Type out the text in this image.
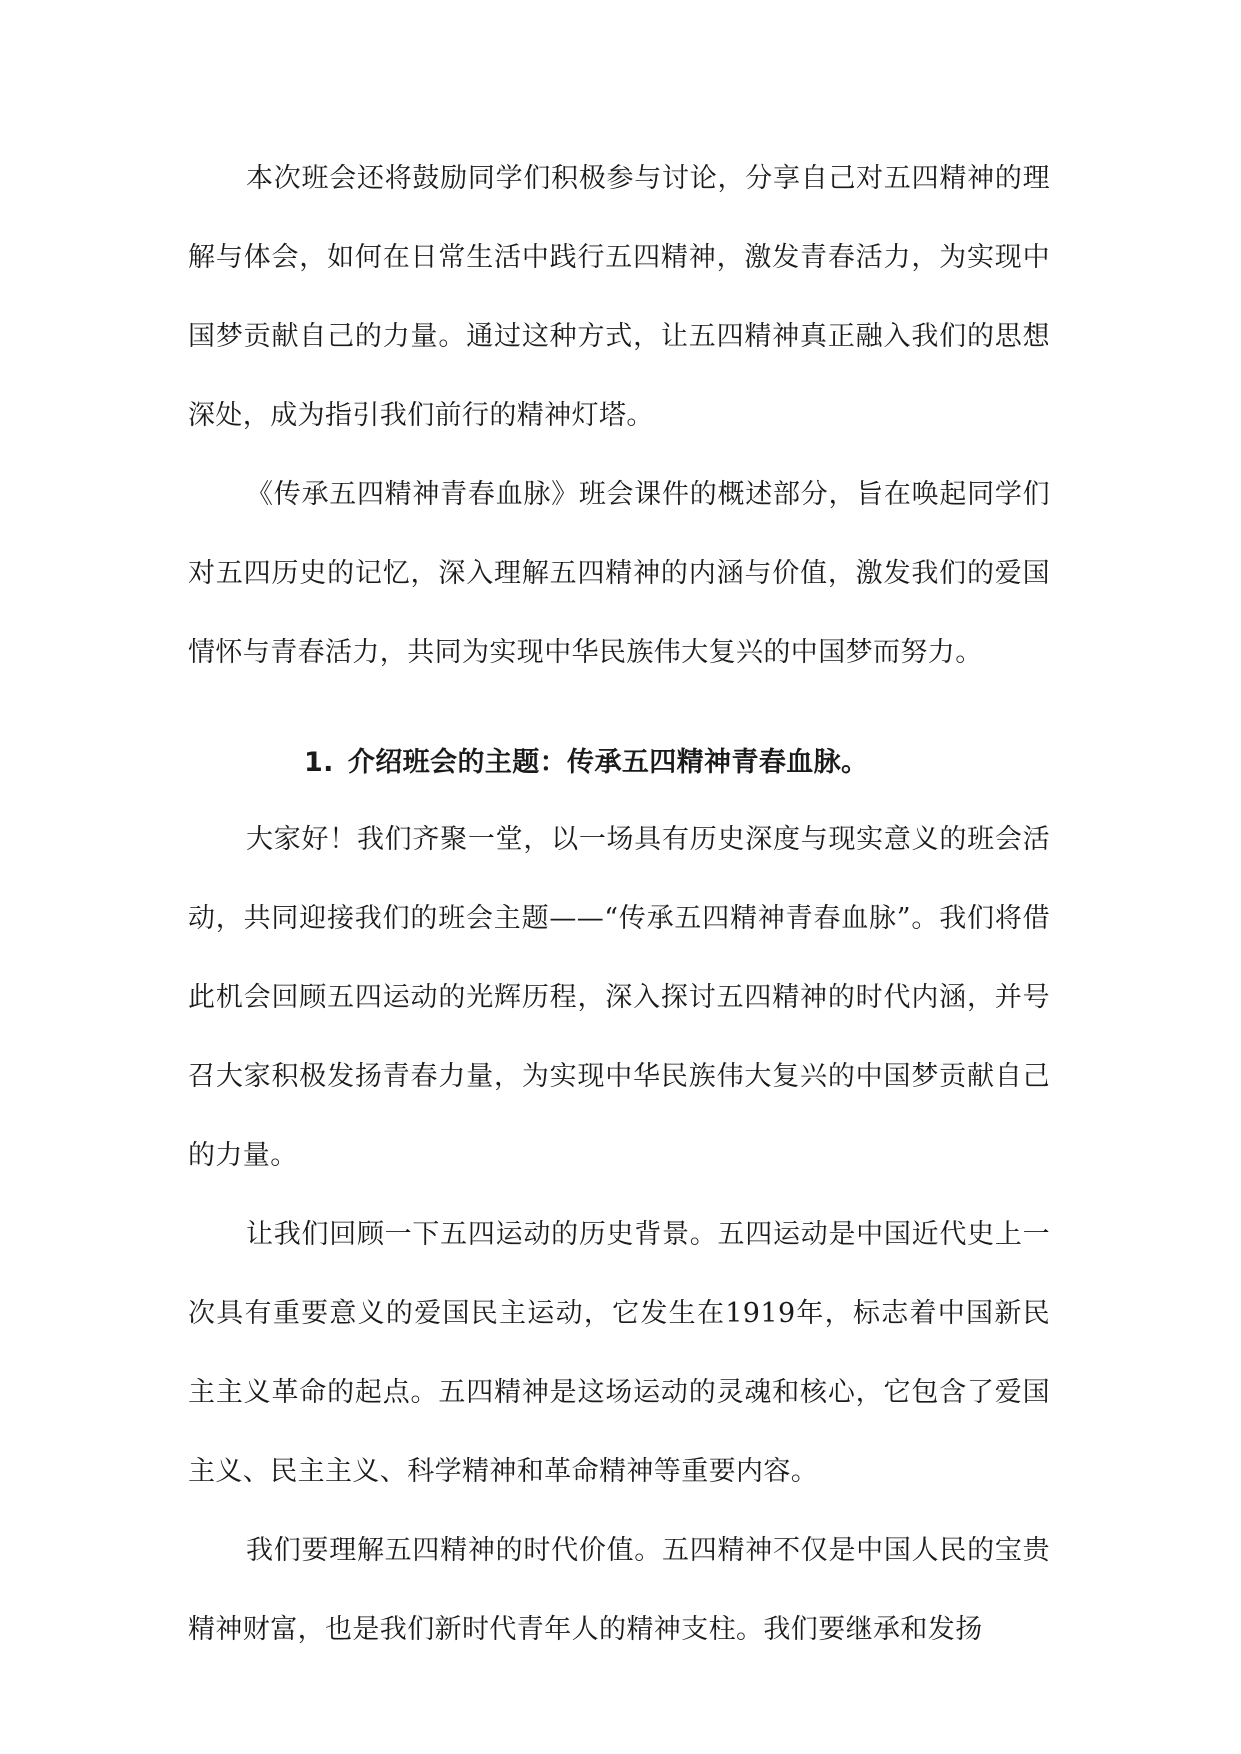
本次班会还将鼓励同学们积极参与讨论，分享自己对五四精神的理解与体会，如何在日常生活中践行五四精神，激发青春活力，为实现中国梦贡献自己的力量。通过这种方式，让五四精神真正融入我们的思想深处，成为指引我们前行的精神灯塔。

《传承五四精神青春血脉》班会课件的概述部分，旨在唤起同学们对五四历史的记忆，深入理解五四精神的内涵与价值，激发我们的爱国情怀与青春活力，共同为实现中华民族伟大复兴的中国梦而努力。

1. 介绍班会的主题：传承五四精神青春血脉。

大家好！我们齐聚一堂，以一场具有历史深度与现实意义的班会活动，共同迎接我们的班会主题——“传承五四精神青春血脉”。我们将借此机会回顾五四运动的光辉历程，深入探讨五四精神的时代内涵，并号召大家积极发扬青春力量，为实现中华民族伟大复兴的中国梦贡献自己的力量。

让我们回顾一下五四运动的历史背景。五四运动是中国近代史上一次具有重要意义的爱国民主运动，它发生在1919年，标志着中国新民主主义革命的起点。五四精神是这场运动的灵魂和核心，它包含了爱国主义、民主主义、科学精神和革命精神等重要内容。

我们要理解五四精神的时代价值。五四精神不仅是中国人民的宝贵精神财富，也是我们新时代青年人的精神支柱。我们要继承和发扬
